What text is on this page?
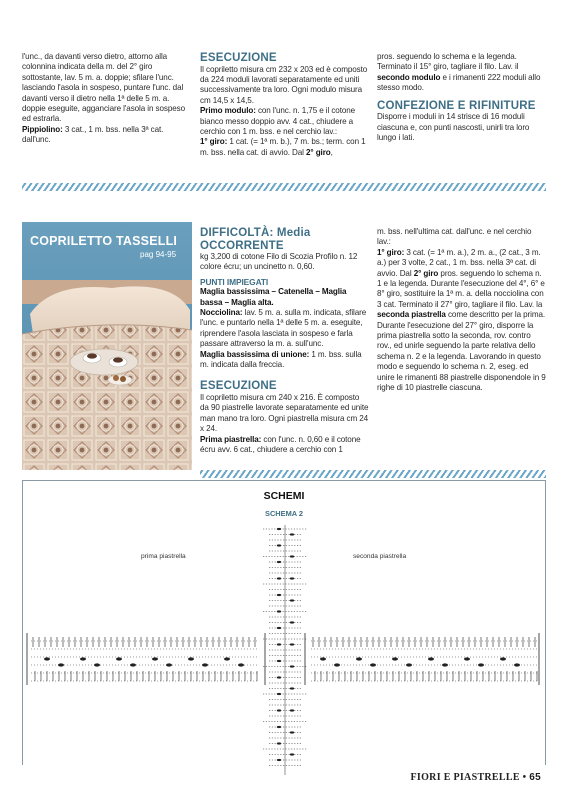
l'unc., da davanti verso dietro, attorno alla colonnina indicata della m. del 2° giro sottostante, lav. 5 m. a. doppie; sfilare l'unc. lasciando l'asola in sospeso, puntare l'unc. dal davanti verso il dietro nella 1ª delle 5 m. a. doppie eseguite, agganciare l'asola in sospeso ed estrarla.

Pippiolino: 3 cat., 1 m. bss. nella 3ª cat. dall'unc.

ESECUZIONE

Il copriletto misura cm 232 x 203 ed è composto da 224 moduli lavorati separatamente ed uniti successivamente tra loro. Ogni modulo misura cm 14,5 x 14,5.

Primo modulo: con l'unc. n. 1,75 e il cotone bianco messo doppio avv. 4 cat., chiudere a cerchio con 1 m. bss. e nel cerchio lav.:

1° giro: 1 cat. (= 1ª m. b.), 7 m. bs.; term. con 1 m. bss. nella cat. di avvio. Dal 2° giro,

pros. seguendo lo schema e la legenda. Terminato il 15° giro, tagliare il filo. Lav. il secondo modulo e i rimanenti 222 moduli allo stesso modo.

CONFEZIONE E RIFINITURE

Disporre i moduli in 14 strisce di 16 moduli ciascuna e, con punti nascosti, unirli tra loro lungo i lati.

COPRILETTO TASSELLI
pag 94-95
DIFFICOLTÀ: Media
OCCORRENTE

kg 3,200 di cotone Filo di Scozia Profilo n. 12 colore écru; un uncinetto n. 0,60.

PUNTI IMPIEGATI

Maglia bassissima – Catenella – Maglia bassa – Maglia alta.

Nocciolina: lav. 5 m. a. sulla m. indicata, sfilare l'unc. e puntarlo nella 1ª delle 5 m. a. eseguite, riprendere l'asola lasciata in sospeso e farla passare attraverso la m. a. sull'unc.

Maglia bassissima di unione: 1 m. bss. sulla m. indicata dalla freccia.

ESECUZIONE

Il copriletto misura cm 240 x 216. È composto da 90 piastrelle lavorate separatamente ed unite man mano tra loro. Ogni piastrella misura cm 24 x 24.

Prima piastrella: con l'unc. n. 0,60 e il cotone écru avv. 6 cat., chiudere a cerchio con 1

m. bss. nell'ultima cat. dall'unc. e nel cerchio lav.:

1° giro: 3 cat. (= 1ª m. a.), 2 m. a., (2 cat., 3 m. a.) per 3 volte, 2 cat., 1 m. bss. nella 3ª cat. di avvio. Dal 2° giro pros. seguendo lo schema n. 1 e la legenda. Durante l'esecuzione del 4°, 6° e 8° giro, sostituire la 1ª m. a. della nocciolina con 3 cat. Terminato il 27° giro, tagliare il filo. Lav. la seconda piastrella come descritto per la prima. Durante l'esecuzione del 27° giro, disporre la prima piastrella sotto la seconda, rov. contro rov., ed unirle seguendo la parte relativa dello schema n. 2 e la legenda. Lavorando in questo modo e seguendo lo schema n. 2, eseg. ed unire le rimanenti 88 piastrelle disponendole in 9 righe di 10 piastrelle ciascuna.

SCHEMI
SCHEMA 2
prima piastrella	seconda piastrella
FIORI E PIASTRELLE • 65
